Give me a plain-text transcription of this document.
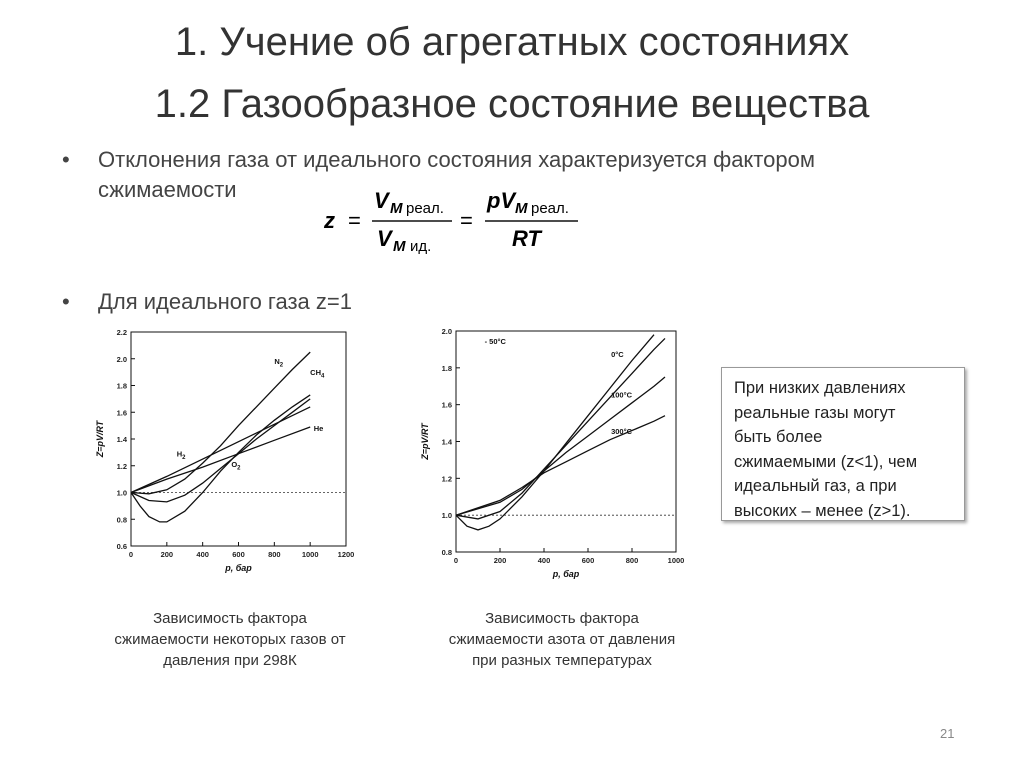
1. Учение об агрегатных состояниях
1.2 Газообразное состояние вещества
• Отклонения газа от идеального состояния характеризуется фактором
сжимаемости
z =
V M реал.
V M ид.
=
pV M реал.
RT
• Для идеального газа z=1
0.6
0.8
1.0
1.2
1.4
1.6
1.8
2.0
2.2
0	200	400	600	800	1000	1200
p, бар
Z=pV/RT
$N_2$
$CH_4$
$O_2$
$H_2$
He
0.8
1.0
1.2
1.4
1.6
1.8
2.0
0	200	400	600	800	1000
p, бар
Z=pV/RT
- 50°C
0°C
100°C
300°C
Зависимость фактора
сжимаемости некоторых газов от
давления при 298К
Зависимость фактора
сжимаемости азота от давления
при разных температурах
При низких давлениях
реальные газы могут
быть более
сжимаемыми (z<1), чем
идеальный газ, а при
высоких – менее (z>1).
21
